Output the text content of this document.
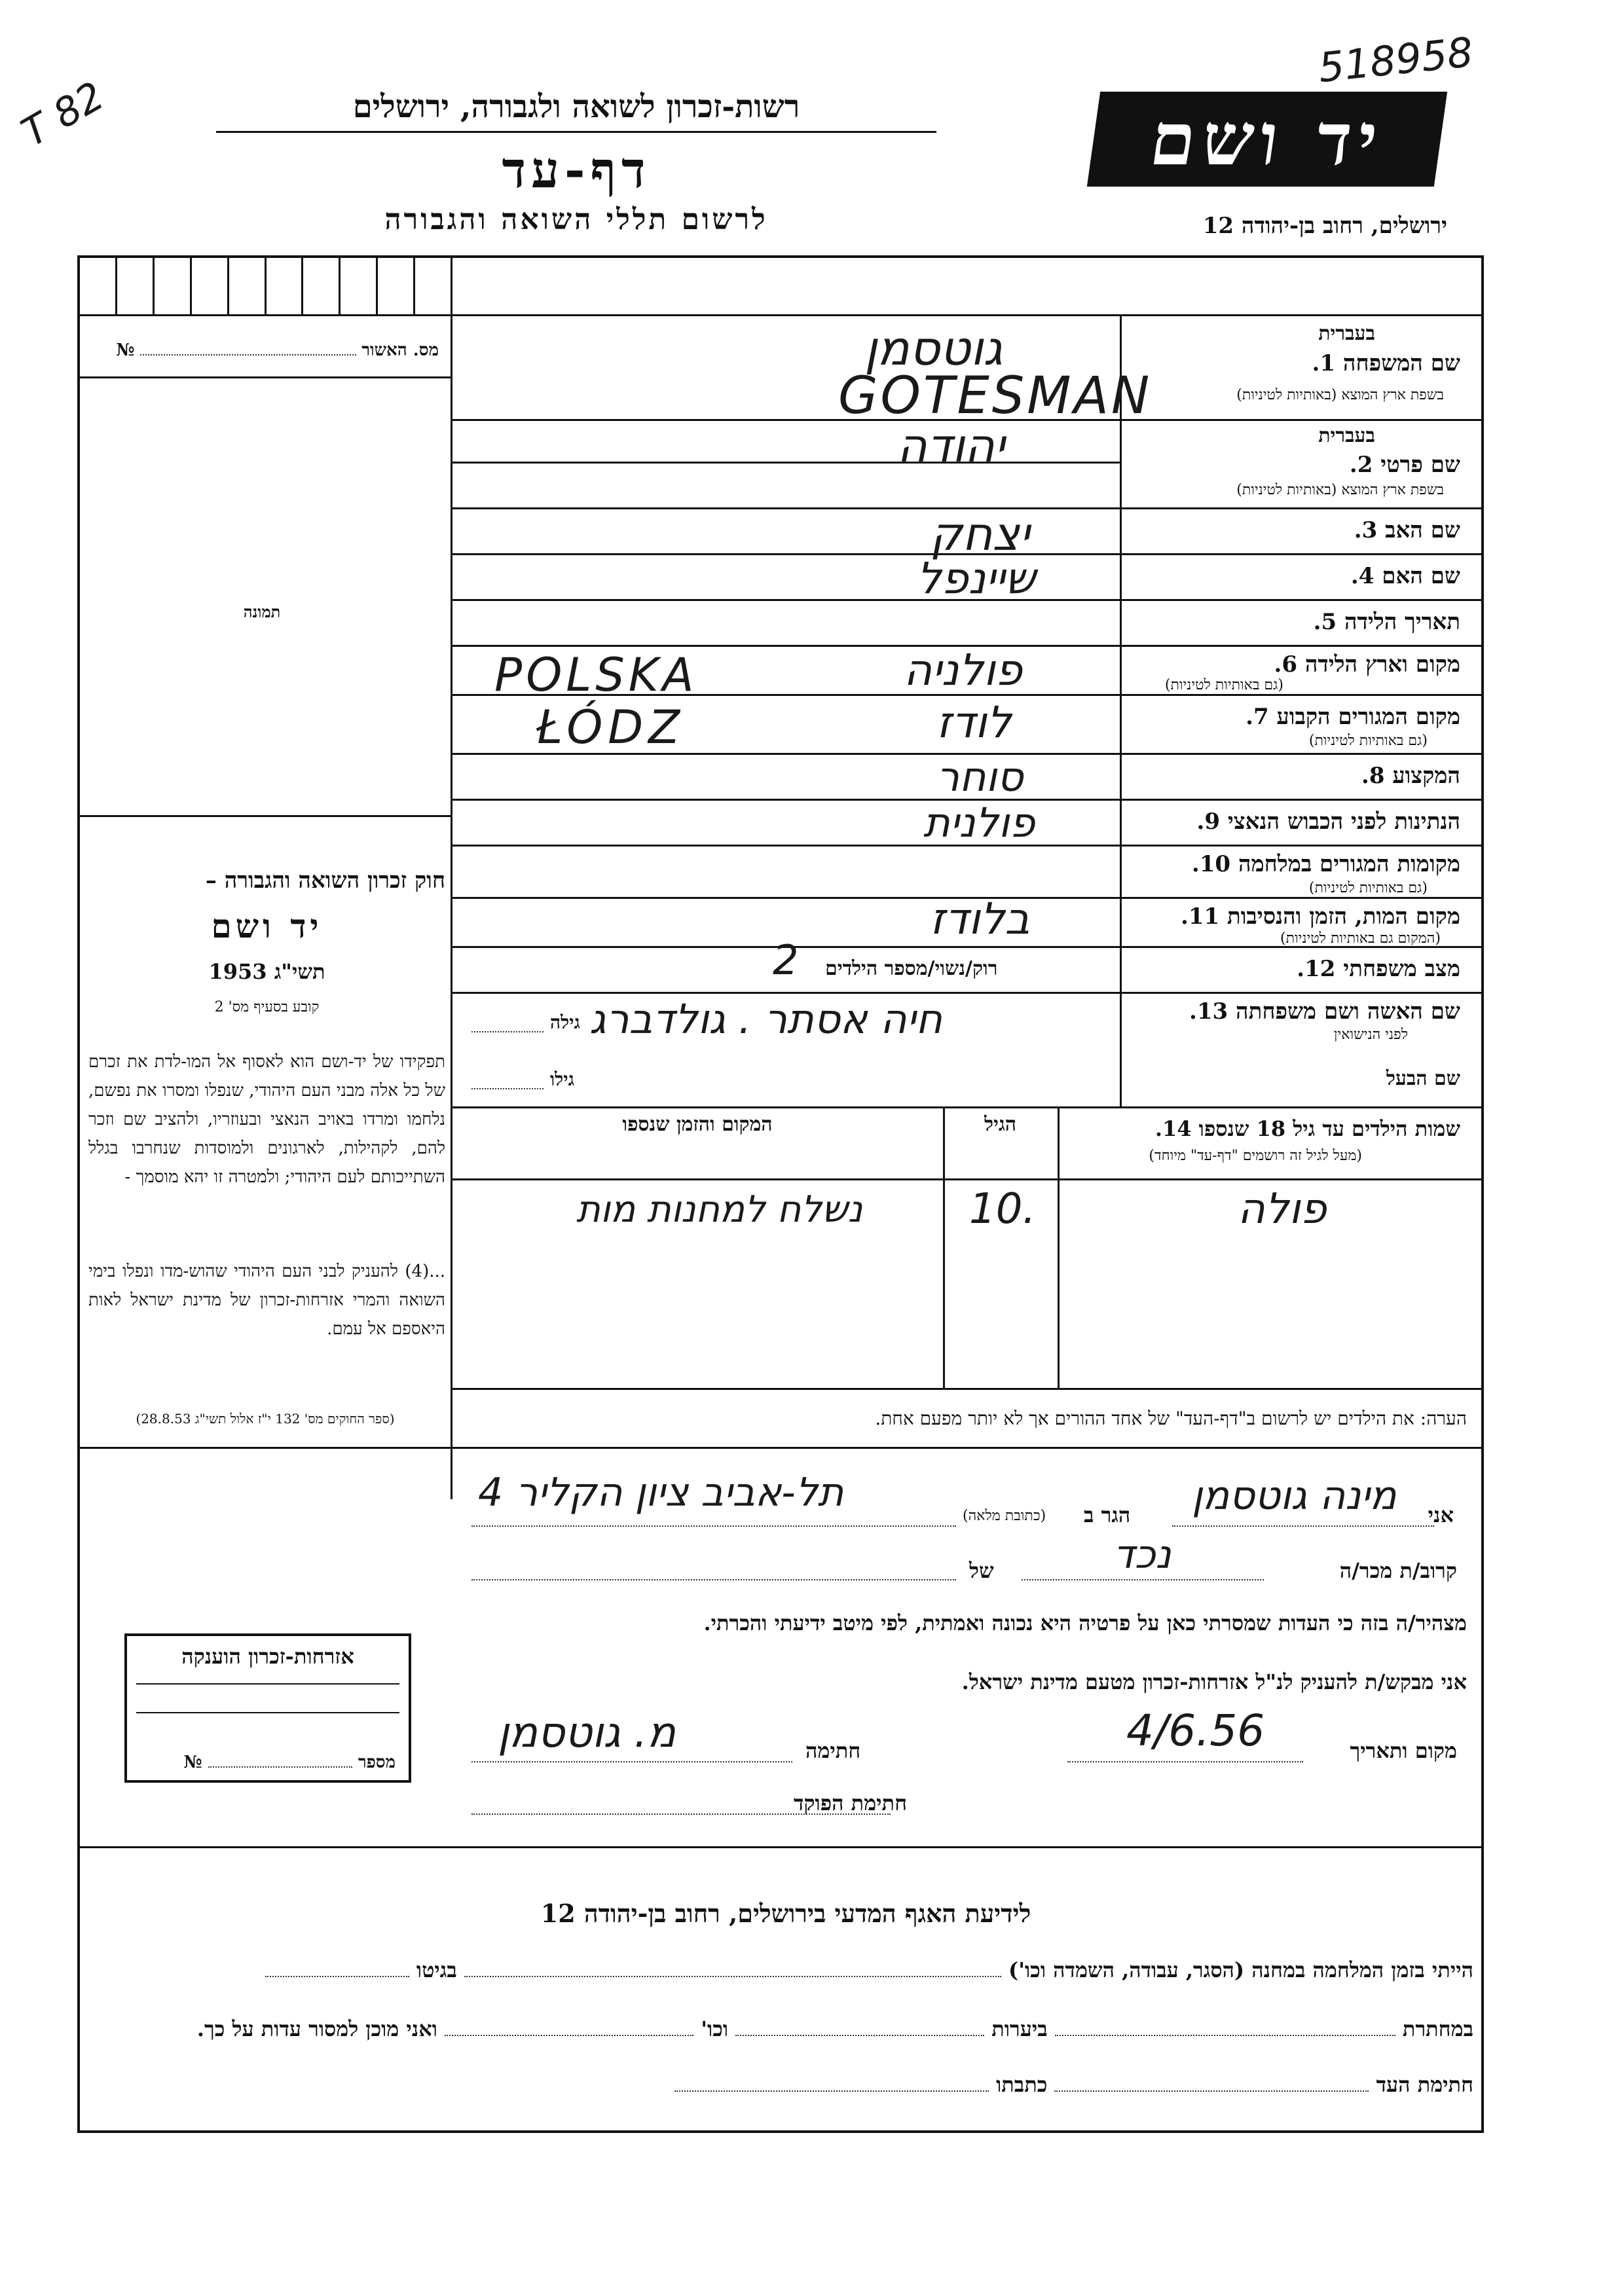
518958
T 82	רשות-זכרון לשואה ולגבורה, ירושלים
דף-עד
לרשום תללי השואה והגבורה
יד ושם
ירושלים, רחוב בן-יהודה 12
מס. האשור  №
תמונה
חוק זכרון השואה והגבורה –
יד ושם
תשי"ג 1953
קובע בסעיף מס' 2
תפקידו של יד-ושם הוא לאסוף אל המו-לדת את זכרם של כל אלה מבני העם היהודי, שנפלו ומסרו את נפשם, נלחמו ומרדו באויב הנאצי ובעוזריו, ולהציב שם וזכר להם, לקהילות, לארגונים ולמוסדות שנחרבו בגלל השתייכותם לעם היהודי; ולמטרה זו יהא מוסמך -
...(4) להעניק לבני העם היהודי שהוש-מדו ונפלו בימי השואה והמרי אזרחות-זכרון של מדינת ישראל לאות היאספם אל עמם.
(ספר החוקים מס' 132 י"ז אלול תשי"ג 28.8.53)
בעברית
שם המשפחה 1.
בשפת ארץ המוצא (באותיות לטיניות)
גוטסמן
GOTESMAN
בעברית
שם פרטי 2.
בשפת ארץ המוצא (באותיות לטיניות)
יהודה
שם האב 3.
יצחק
שם האם 4.
שיינפל
תאריך הלידה 5.
מקום וארץ הלידה 6.
(גם באותיות לטיניות)
פולניה
POLSKA
מקום המגורים הקבוע 7.
(גם באותיות לטיניות)
לודז
ŁÓDZ
המקצוע 8.
סוחר
הנתינות לפני הכבוש הנאצי 9.
פולנית
מקומות המגורים במלחמה 10.
(גם באותיות לטיניות)
מקום המות, הזמן והנסיבות 11.
(המקום גם באותיות לטיניות)
בלודז
מצב משפחתי 12.
רוק/נשוי/מספר הילדים
2
שם האשה ושם משפחתה 13.
לפני הנישואין
חיה אסתר . גולדברג
גילה
שם הבעל
גילו
שמות הילדים עד גיל 18 שנספו 14.
(מעל לגיל זה רושמים "דף-עד" מיוחד)
הגיל
המקום והזמן שנספו
פולה
10.
נשלח למחנות מות
הערה: את הילדים יש לרשום ב"דף-העד" של אחד ההורים אך לא יותר מפעם אחת.
אני
מינה גוטסמן
הגר ב
(כתובת מלאה)
תל-אביב ציון הקליר 4
קרוב/ת מכר/ה
נכד
של
מצהיר/ה בזה כי העדות שמסרתי כאן על פרטיה היא נכונה ואמתית, לפי מיטב ידיעתי והכרתי.
אני מבקש/ת להעניק לנ"ל אזרחות-זכרון מטעם מדינת ישראל.
מקום ותאריך
4/6.56
חתימה
מ. גוטסמן
חתימת הפוקד
אזרחות-זכרון הוענקה
מספר  №
לידיעת האגף המדעי בירושלים, רחוב בן-יהודה 12
הייתי בזמן המלחמה במחנה (הסגר, עבודה, השמדה וכו')  בגיטו
במחתרת  ביערות  וכו'  ואני מוכן למסור עדות על כך.
חתימת העד  כתבתו
